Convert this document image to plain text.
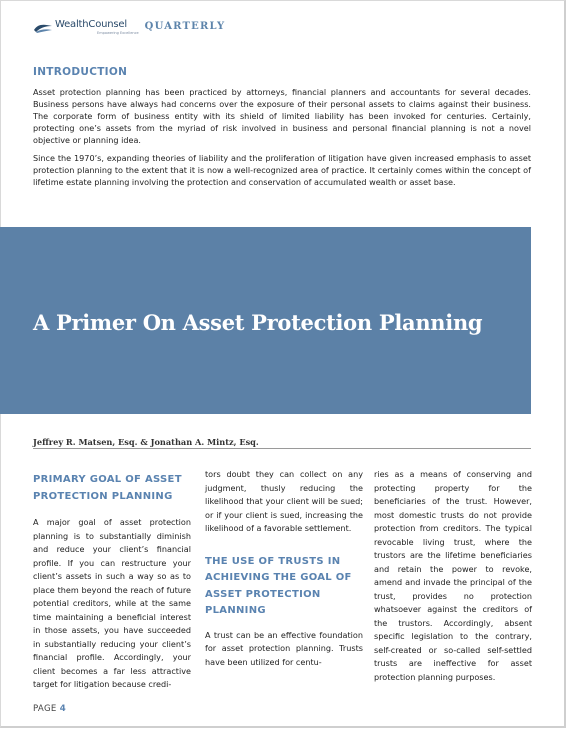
WealthCounsel
Empowering Excellence
QUARTERLY
INTRODUCTION

Asset protection planning has been practiced by attorneys, financial planners and accountants for several decades. Business persons have always had concerns over the exposure of their personal assets to claims against their business. The corporate form of business entity with its shield of limited liability has been invoked for centuries. Certainly, protecting one’s assets from the myriad of risk involved in business and personal financial planning is not a novel objective or planning idea.

Since the 1970’s, expanding theories of liability and the proliferation of litigation have given increased emphasis to asset protection planning to the extent that it is now a well-recognized area of practice. It certainly comes within the concept of lifetime estate planning involving the protection and conservation of accumulated wealth or asset base.

A Primer On Asset Protection Planning
Jeffrey R. Matsen, Esq. & Jonathan A. Mintz, Esq.
PRIMARY GOAL OF ASSET PROTECTION PLANNING

A major goal of asset protection planning is to substantially diminish and reduce your client’s financial profile. If you can restructure your client’s assets in such a way so as to place them beyond the reach of future potential creditors, while at the same time maintaining a beneficial interest in those assets, you have succeeded in substantially reducing your client’s financial profile. Accordingly, your client becomes a far less attractive target for litigation because credi-

tors doubt they can collect on any judgment, thusly reducing the likelihood that your client will be sued; or if your client is sued, increasing the likelihood of a favorable settlement.

THE USE OF TRUSTS IN ACHIEVING THE GOAL OF ASSET PROTECTION PLANNING

A trust can be an effective foundation for asset protection planning. Trusts have been utilized for centu-

ries as a means of conserving and protecting property for the beneficiaries of the trust. However, most domestic trusts do not provide protection from creditors. The typical revocable living trust, where the trustors are the lifetime beneficiaries and retain the power to revoke, amend and invade the principal of the trust, provides no protection whatsoever against the creditors of the trustors. Accordingly, absent specific legislation to the contrary, self-created or so-called self-settled trusts are ineffective for asset protection planning purposes.

PAGE 4
